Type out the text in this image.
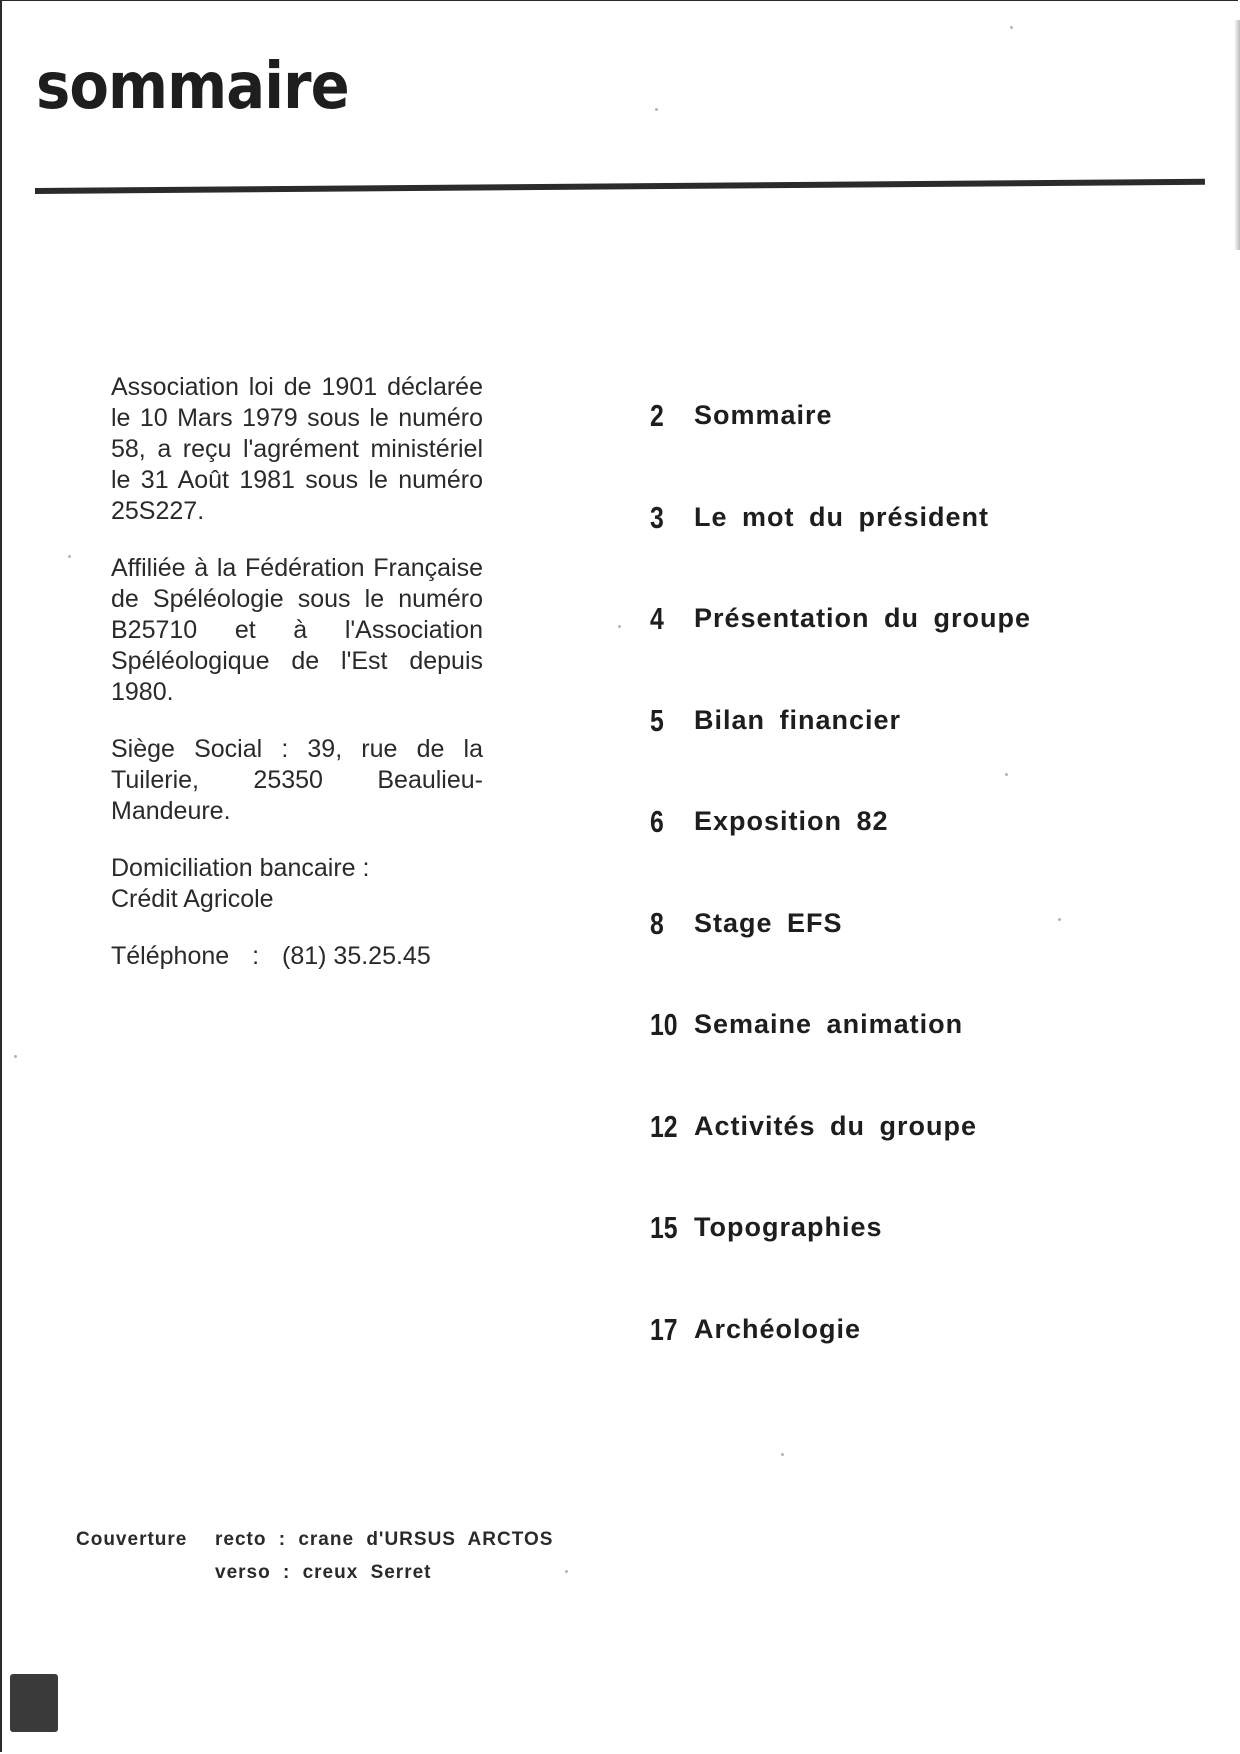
sommaire

Association loi de 1901 déclarée le 10 Mars 1979 sous le numéro 58, a reçu l'agrément ministériel le 31 Août 1981 sous le numéro 25S227.

Affiliée à la Fédération Française de Spéléologie sous le numéro B25710 et à l'Association Spéléologique de l'Est depuis 1980.

Siège Social : 39, rue de la Tuilerie, 25350 Beaulieu-Mandeure.

Domiciliation bancaire :
Crédit Agricole

Téléphone : (81) 35.25.45

2	Sommaire
3	Le mot du président
4	Présentation du groupe
5	Bilan financier
6	Exposition 82
8	Stage EFS
10 Semaine animation
12 Activités du groupe
15 Topographies
17 Archéologie
Couverture	recto : crane d'URSUS ARCTOS
verso : creux Serret
